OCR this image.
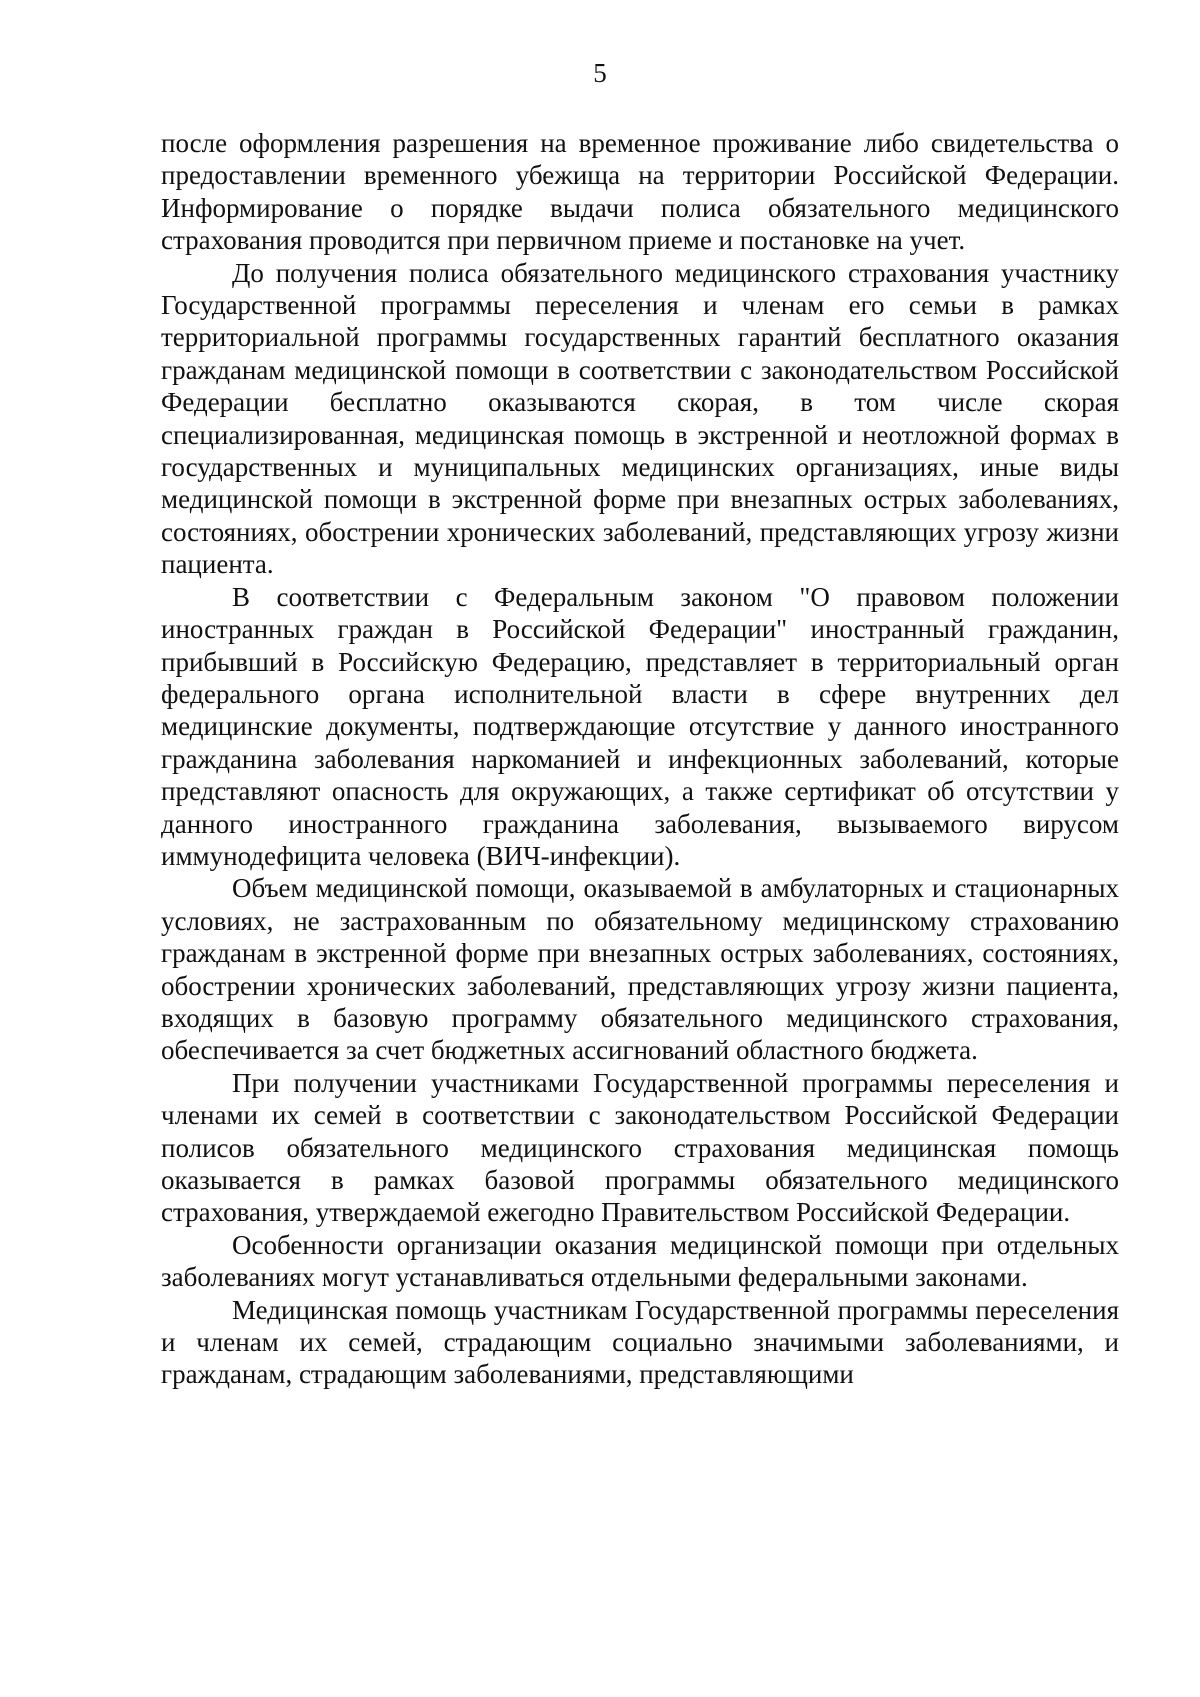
5

после оформления разрешения на временное проживание либо свидетельства о предоставлении временного убежища на территории Российской Федерации. Информирование о порядке выдачи полиса обязательного медицинского страхования проводится при первичном приеме и постановке на учет.

До получения полиса обязательного медицинского страхования участнику Государственной программы переселения и членам его семьи в рамках территориальной программы государственных гарантий бесплатного оказания гражданам медицинской помощи в соответствии с законодательством Российской Федерации бесплатно оказываются скорая, в том числе скорая специализированная, медицинская помощь в экстренной и неотложной формах в государственных и муниципальных медицинских организациях, иные виды медицинской помощи в экстренной форме при внезапных острых заболеваниях, состояниях, обострении хронических заболеваний, представляющих угрозу жизни пациента.

В соответствии с Федеральным законом "О правовом положении иностранных граждан в Российской Федерации" иностранный гражданин, прибывший в Российскую Федерацию, представляет в территориальный орган федерального органа исполнительной власти в сфере внутренних дел медицинские документы, подтверждающие отсутствие у данного иностранного гражданина заболевания наркоманией и инфекционных заболеваний, которые представляют опасность для окружающих, а также сертификат об отсутствии у данного иностранного гражданина заболевания, вызываемого вирусом иммунодефицита человека (ВИЧ-инфекции).

Объем медицинской помощи, оказываемой в амбулаторных и стационарных условиях, не застрахованным по обязательному медицинскому страхованию гражданам в экстренной форме при внезапных острых заболеваниях, состояниях, обострении хронических заболеваний, представляющих угрозу жизни пациента, входящих в базовую программу обязательного медицинского страхования, обеспечивается за счет бюджетных ассигнований областного бюджета.

При получении участниками Государственной программы переселения и членами их семей в соответствии с законодательством Российской Федерации полисов обязательного медицинского страхования медицинская помощь оказывается в рамках базовой программы обязательного медицинского страхования, утверждаемой ежегодно Правительством Российской Федерации.

Особенности организации оказания медицинской помощи при отдельных заболеваниях могут устанавливаться отдельными федеральными законами.

Медицинская помощь участникам Государственной программы переселения и членам их семей, страдающим социально значимыми заболеваниями, и гражданам, страдающим заболеваниями, представляющими
